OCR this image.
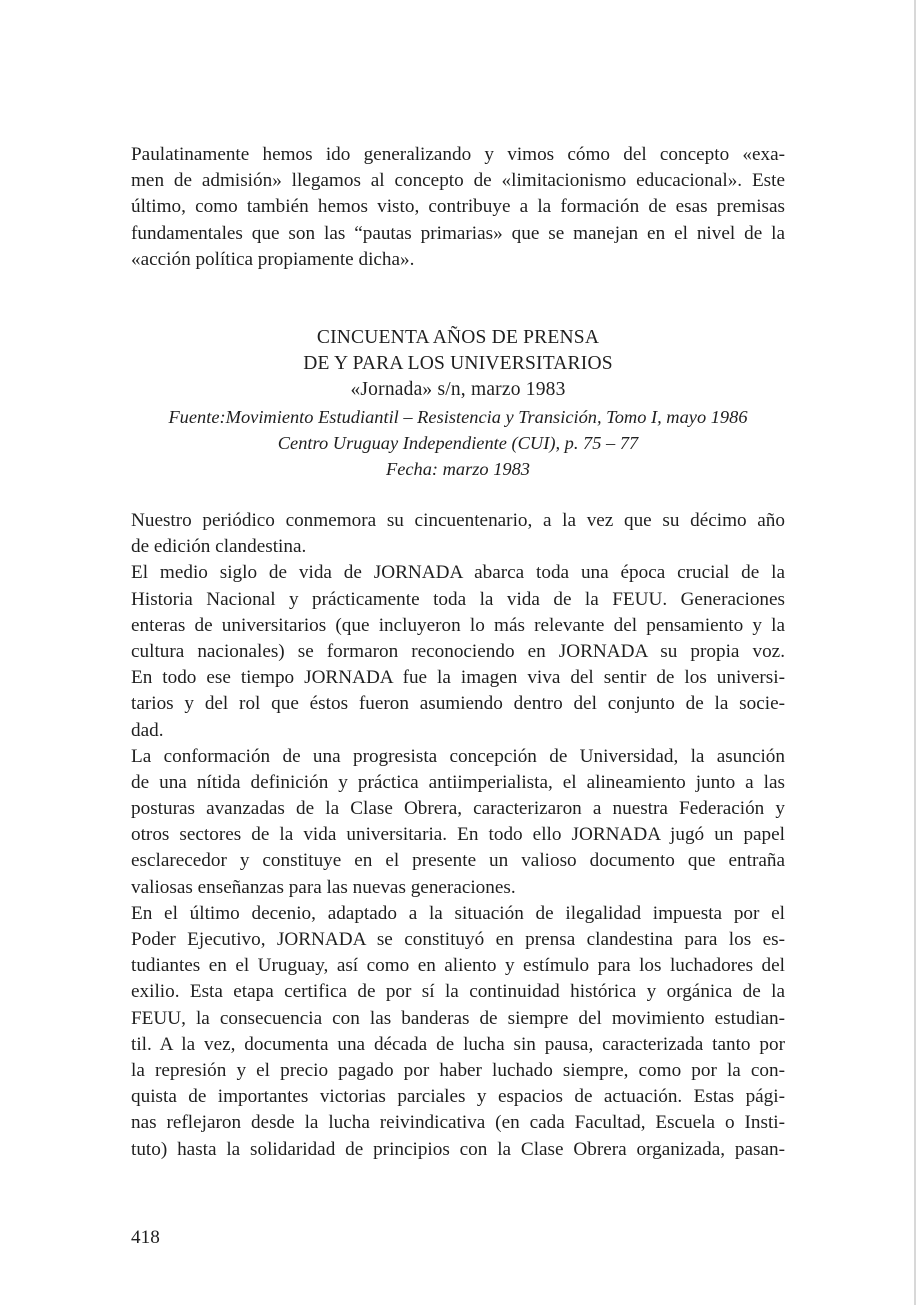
Paulatinamente hemos ido generalizando y vimos cómo del concepto «exa-
men de admisión» llegamos al concepto de «limitacionismo educacional». Este
último, como también hemos visto, contribuye a la formación de esas premisas
fundamentales que son las “pautas primarias» que se manejan en el nivel de la
«acción política propiamente dicha».
CINCUENTA AÑOS DE PRENSA
DE Y PARA LOS UNIVERSITARIOS
«Jornada» s/n, marzo 1983
Fuente:Movimiento Estudiantil – Resistencia y Transición, Tomo I, mayo 1986
Centro Uruguay Independiente (CUI), p. 75 – 77
Fecha: marzo 1983
Nuestro periódico conmemora su cincuentenario, a la vez que su décimo año
de edición clandestina.
El medio siglo de vida de JORNADA abarca toda una época crucial de la
Historia Nacional y prácticamente toda la vida de la FEUU. Generaciones
enteras de universitarios (que incluyeron lo más relevante del pensamiento y la
cultura nacionales) se formaron reconociendo en JORNADA su propia voz.
En todo ese tiempo JORNADA fue la imagen viva del sentir de los universi-
tarios y del rol que éstos fueron asumiendo dentro del conjunto de la socie-
dad.
La conformación de una progresista concepción de Universidad, la asunción
de una nítida definición y práctica antiimperialista, el alineamiento junto a las
posturas avanzadas de la Clase Obrera, caracterizaron a nuestra Federación y
otros sectores de la vida universitaria. En todo ello JORNADA jugó un papel
esclarecedor y constituye en el presente un valioso documento que entraña
valiosas enseñanzas para las nuevas generaciones.
En el último decenio, adaptado a la situación de ilegalidad impuesta por el
Poder Ejecutivo, JORNADA se constituyó en prensa clandestina para los es-
tudiantes en el Uruguay, así como en aliento y estímulo para los luchadores del
exilio. Esta etapa certifica de por sí la continuidad histórica y orgánica de la
FEUU, la consecuencia con las banderas de siempre del movimiento estudian-
til. A la vez, documenta una década de lucha sin pausa, caracterizada tanto por
la represión y el precio pagado por haber luchado siempre, como por la con-
quista de importantes victorias parciales y espacios de actuación. Estas pági-
nas reflejaron desde la lucha reivindicativa (en cada Facultad, Escuela o Insti-
tuto) hasta la solidaridad de principios con la Clase Obrera organizada, pasan-
418
